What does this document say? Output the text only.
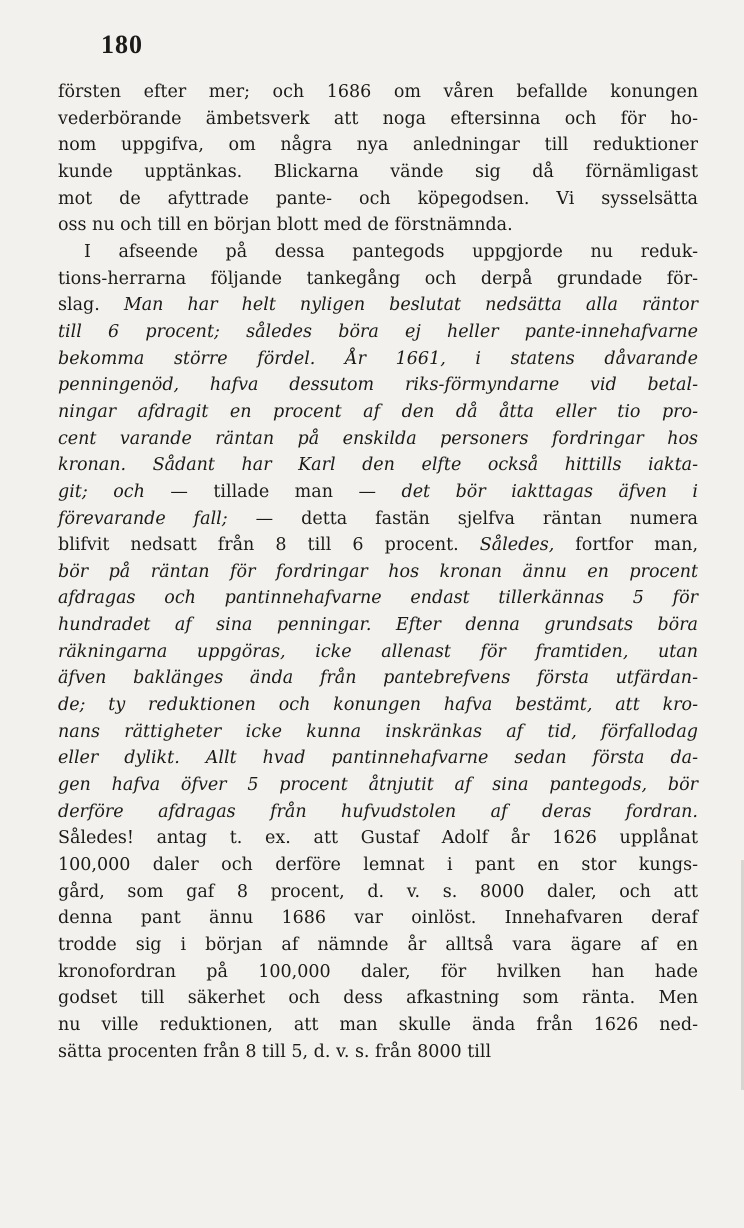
180
försten efter mer; och 1686 om våren befallde konungen
vederbörande ämbetsverk att noga eftersinna och för ho-
nom uppgifva, om några nya anledningar till reduktioner
kunde upptänkas. Blickarna vände sig då förnämligast
mot de afyttrade pante- och köpegodsen. Vi sysselsätta
oss nu och till en början blott med de förstnämnda.
I afseende på dessa pantegods uppgjorde nu reduk-
tions-herrarna följande tankegång och derpå grundade för-
slag. Man har helt nyligen beslutat nedsätta alla räntor
till 6 procent; således böra ej heller pante-innehafvarne
bekomma större fördel. År 1661, i statens dåvarande
penningenöd, hafva dessutom riks-förmyndarne vid betal-
ningar afdragit en procent af den då åtta eller tio pro-
cent varande räntan på enskilda personers fordringar hos
kronan. Sådant har Karl den elfte också hittills iakta-
git; och — tillade man — det bör iakttagas äfven i
förevarande fall; — detta fastän sjelfva räntan numera
blifvit nedsatt från 8 till 6 procent. Således, fortfor man,
bör på räntan för fordringar hos kronan ännu en procent
afdragas och pantinnehafvarne endast tillerkännas 5 för
hundradet af sina penningar. Efter denna grundsats böra
räkningarna uppgöras, icke allenast för framtiden, utan
äfven baklänges ända från pantebrefvens första utfärdan-
de; ty reduktionen och konungen hafva bestämt, att kro-
nans rättigheter icke kunna inskränkas af tid, förfallodag
eller dylikt. Allt hvad pantinnehafvarne sedan första da-
gen hafva öfver 5 procent åtnjutit af sina pantegods, bör
derföre afdragas från hufvudstolen af deras fordran.
Således! antag t. ex. att Gustaf Adolf år 1626 upplånat
100,000 daler och derföre lemnat i pant en stor kungs-
gård, som gaf 8 procent, d. v. s. 8000 daler, och att
denna pant ännu 1686 var oinlöst. Innehafvaren deraf
trodde sig i början af nämnde år alltså vara ägare af en
kronofordran på 100,000 daler, för hvilken han hade
godset till säkerhet och dess afkastning som ränta. Men
nu ville reduktionen, att man skulle ända från 1626 ned-
sätta procenten från 8 till 5, d. v. s. från 8000 till
